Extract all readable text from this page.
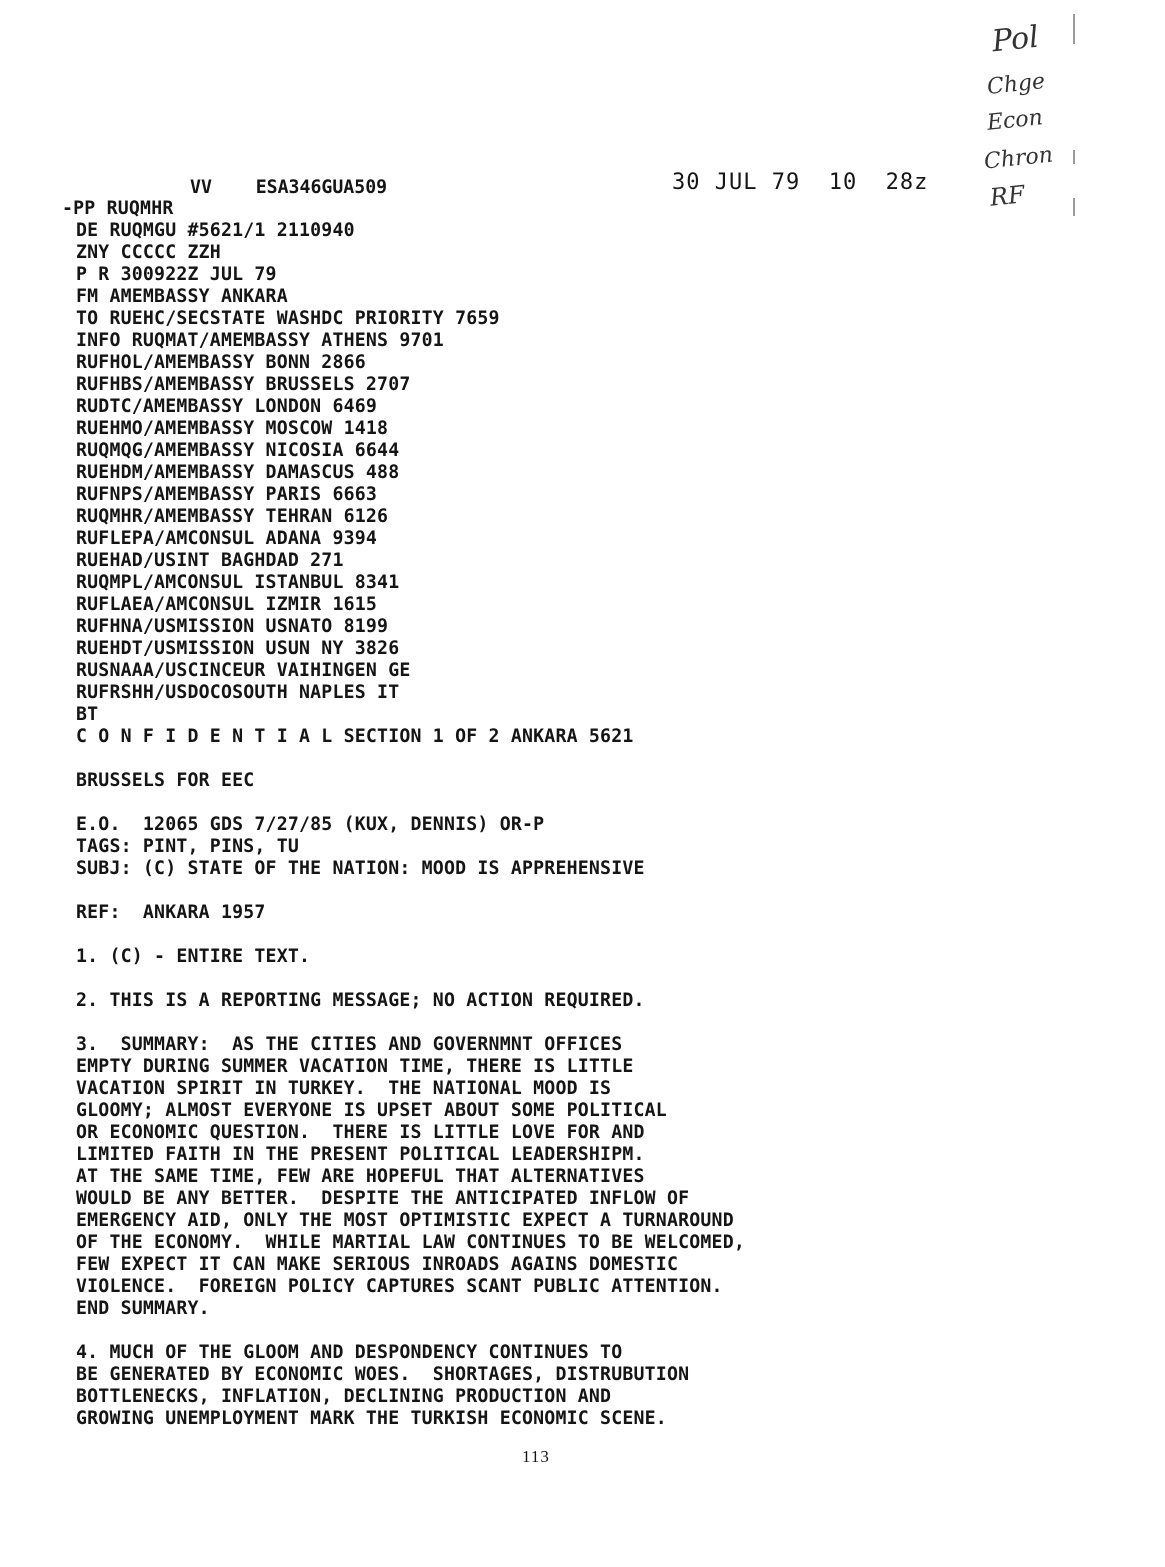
Pol
Chge
Econ
Chron
RF
VV    ESA346GUA509	30 JUL 79  10  28z
-PP RUQMHR
DE RUQMGU #5621/1 2110940
ZNY CCCCC ZZH
P R 300922Z JUL 79
FM AMEMBASSY ANKARA
TO RUEHC/SECSTATE WASHDC PRIORITY 7659
INFO RUQMAT/AMEMBASSY ATHENS 9701
RUFHOL/AMEMBASSY BONN 2866
RUFHBS/AMEMBASSY BRUSSELS 2707
RUDTC/AMEMBASSY LONDON 6469
RUEHMO/AMEMBASSY MOSCOW 1418
RUQMQG/AMEMBASSY NICOSIA 6644
RUEHDM/AMEMBASSY DAMASCUS 488
RUFNPS/AMEMBASSY PARIS 6663
RUQMHR/AMEMBASSY TEHRAN 6126
RUFLEPA/AMCONSUL ADANA 9394
RUEHAD/USINT BAGHDAD 271
RUQMPL/AMCONSUL ISTANBUL 8341
RUFLAEA/AMCONSUL IZMIR 1615
RUFHNA/USMISSION USNATO 8199
RUEHDT/USMISSION USUN NY 3826
RUSNAAA/USCINCEUR VAIHINGEN GE
RUFRSHH/USDOCOSOUTH NAPLES IT
BT
C O N F I D E N T I A L SECTION 1 OF 2 ANKARA 5621
BRUSSELS FOR EEC
E.O.  12065 GDS 7/27/85 (KUX, DENNIS) OR-P
TAGS: PINT, PINS, TU
SUBJ: (C) STATE OF THE NATION: MOOD IS APPREHENSIVE
REF:  ANKARA 1957
1. (C) - ENTIRE TEXT.
2. THIS IS A REPORTING MESSAGE; NO ACTION REQUIRED.
3.  SUMMARY:  AS THE CITIES AND GOVERNMNT OFFICES
EMPTY DURING SUMMER VACATION TIME, THERE IS LITTLE
VACATION SPIRIT IN TURKEY.  THE NATIONAL MOOD IS
GLOOMY; ALMOST EVERYONE IS UPSET ABOUT SOME POLITICAL
OR ECONOMIC QUESTION.  THERE IS LITTLE LOVE FOR AND
LIMITED FAITH IN THE PRESENT POLITICAL LEADERSHIPM.
AT THE SAME TIME, FEW ARE HOPEFUL THAT ALTERNATIVES
WOULD BE ANY BETTER.  DESPITE THE ANTICIPATED INFLOW OF
EMERGENCY AID, ONLY THE MOST OPTIMISTIC EXPECT A TURNAROUND
OF THE ECONOMY.  WHILE MARTIAL LAW CONTINUES TO BE WELCOMED,
FEW EXPECT IT CAN MAKE SERIOUS INROADS AGAINS DOMESTIC
VIOLENCE.  FOREIGN POLICY CAPTURES SCANT PUBLIC ATTENTION.
END SUMMARY.
4. MUCH OF THE GLOOM AND DESPONDENCY CONTINUES TO
BE GENERATED BY ECONOMIC WOES.  SHORTAGES, DISTRUBUTION
BOTTLENECKS, INFLATION, DECLINING PRODUCTION AND
GROWING UNEMPLOYMENT MARK THE TURKISH ECONOMIC SCENE.
113
